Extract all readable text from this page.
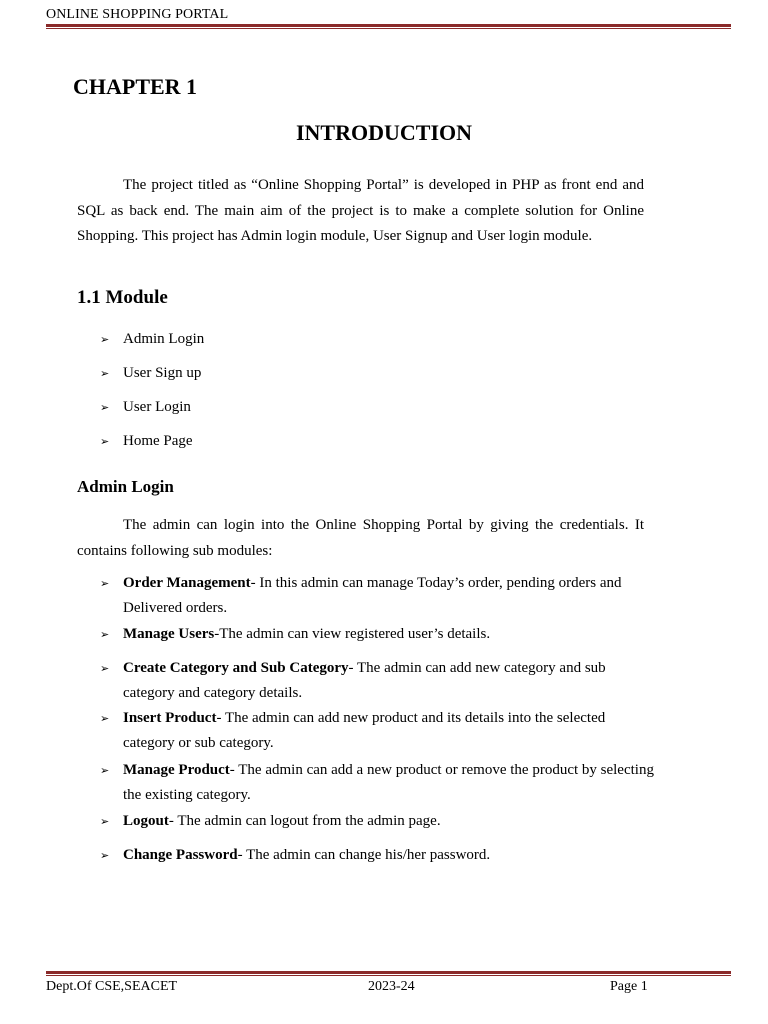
ONLINE SHOPPING PORTAL
CHAPTER 1
INTRODUCTION

The project titled as “Online Shopping Portal” is developed in PHP as front end and SQL as back end. The main aim of the project is to make a complete solution for Online Shopping. This project has Admin login module, User Signup and User login module.

1.1 Module
➢ Admin Login
➢ User Sign up
➢ User Login
➢ Home Page
Admin Login

The admin can login into the Online Shopping Portal by giving the credentials. It contains following sub modules:

➢ Order Management- In this admin can manage Today’s order, pending orders and Delivered orders.
➢ Manage Users-The admin can view registered user’s details.
➢ Create Category and Sub Category- The admin can add new category and sub category and category details.
➢ Insert Product- The admin can add new product and its details into the selected category or sub category.
➢ Manage Product- The admin can add a new product or remove the product by selecting the existing category.
➢ Logout- The admin can logout from the admin page.
➢ Change Password- The admin can change his/her password.
Dept.Of CSE,SEACET	2023-24	Page 1
